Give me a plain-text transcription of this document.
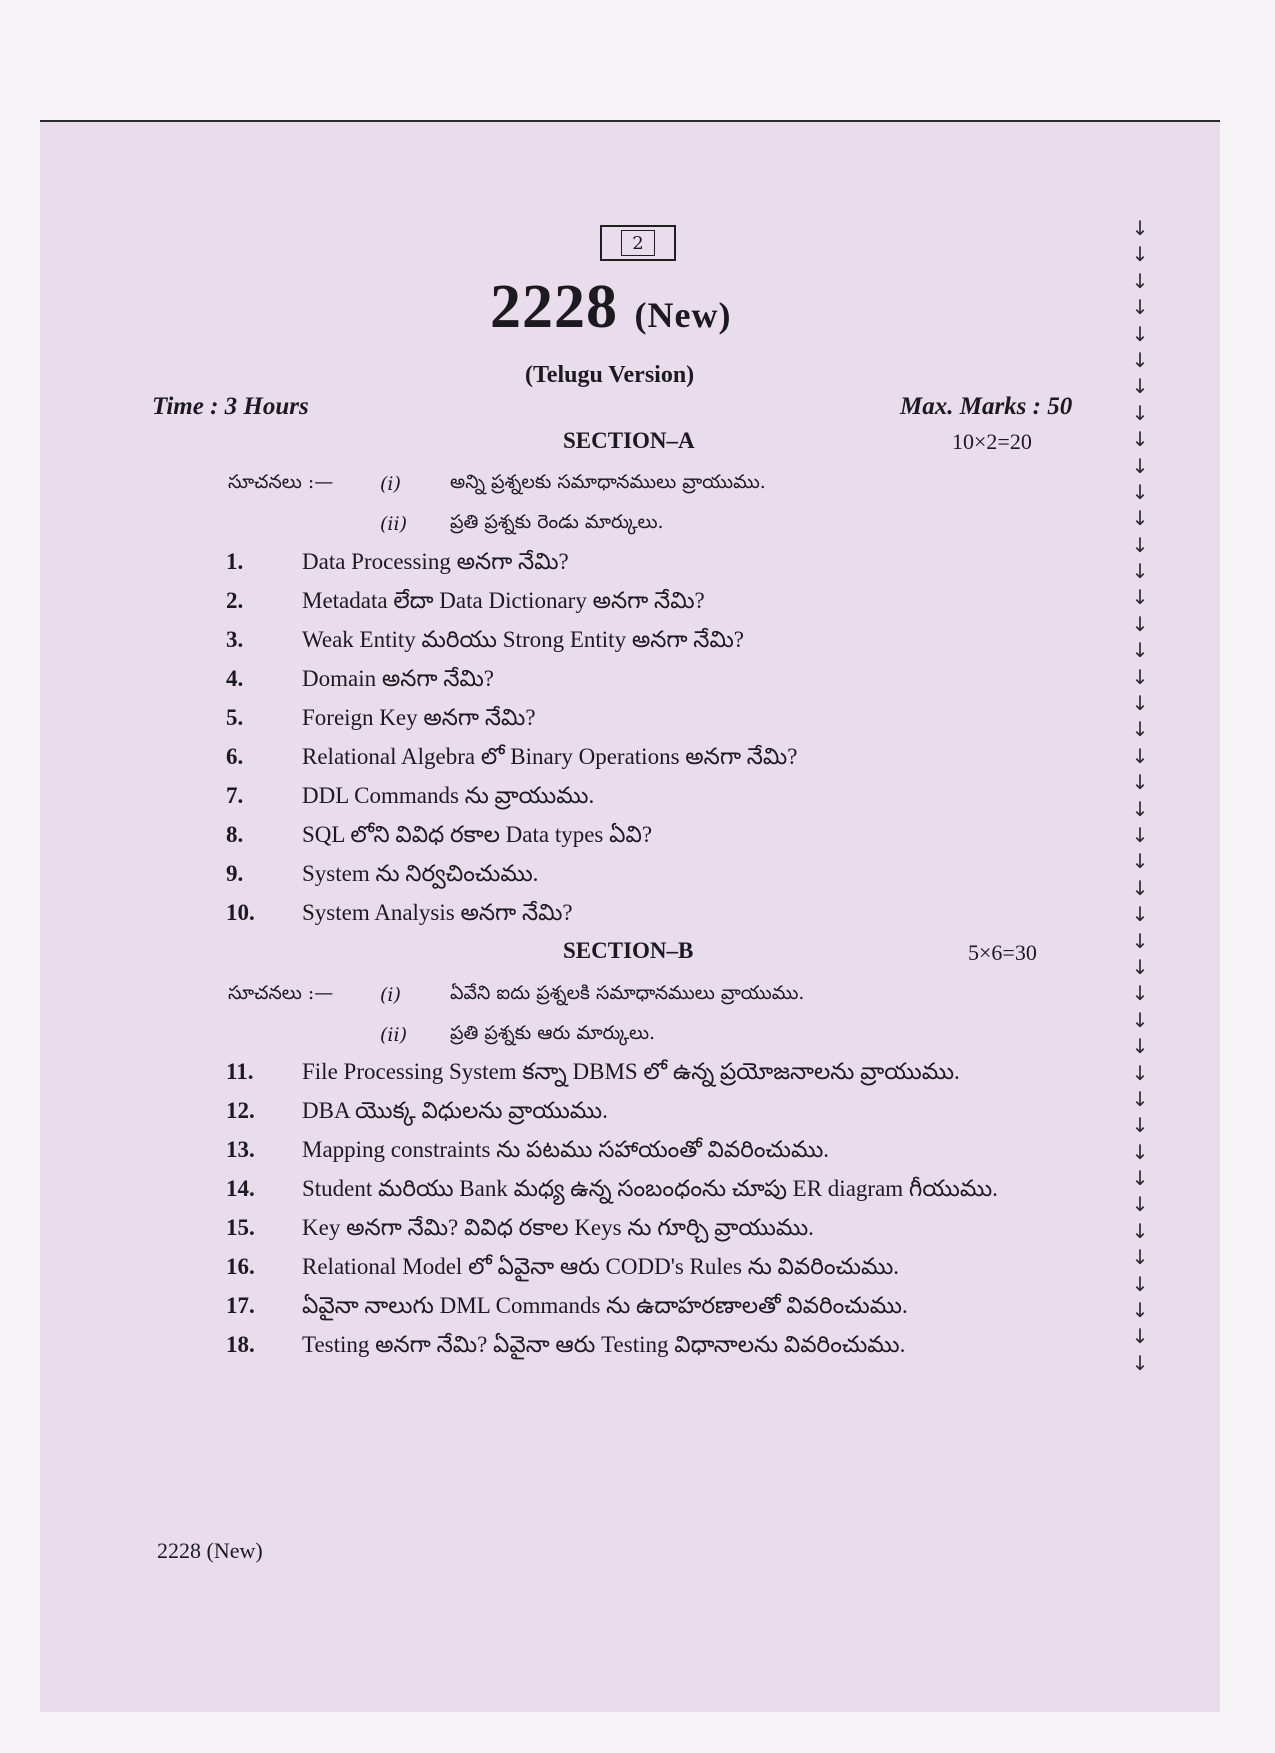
2
2228 (New)
(Telugu Version)
Time : 3 Hours	Max. Marks : 50
SECTION–A	10×2=20
సూచనలు :—	(i)	అన్ని ప్రశ్నలకు సమాధానములు వ్రాయుము.
(ii)	ప్రతి ప్రశ్నకు రెండు మార్కులు.
1.	Data Processing అనగా నేమి?
2.	Metadata లేదా Data Dictionary అనగా నేమి?
3.	Weak Entity మరియు Strong Entity అనగా నేమి?
4.	Domain అనగా నేమి?
5.	Foreign Key అనగా నేమి?
6.	Relational Algebra లో Binary Operations అనగా నేమి?
7.	DDL Commands ను వ్రాయుము.
8.	SQL లోని వివిధ రకాల Data types ఏవి?
9.	System ను నిర్వచించుము.
10.	System Analysis అనగా నేమి?
SECTION–B	5×6=30
సూచనలు :—	(i)	ఏవేని ఐదు ప్రశ్నలకి సమాధానములు వ్రాయుము.
(ii)	ప్రతి ప్రశ్నకు ఆరు మార్కులు.
11.	File Processing System కన్నా DBMS లో ఉన్న ప్రయోజనాలను వ్రాయుము.
12.	DBA యొక్క విధులను వ్రాయుము.
13.	Mapping constraints ను పటము సహాయంతో వివరించుము.
14.	Student మరియు Bank మధ్య ఉన్న సంబంధంను చూపు ER diagram గీయుము.
15.	Key అనగా నేమి? వివిధ రకాల Keys ను గూర్చి వ్రాయుము.
16.	Relational Model లో ఏవైనా ఆరు CODD's Rules ను వివరించుము.
17.	ఏవైనా నాలుగు DML Commands ను ఉదాహరణాలతో వివరించుము.
18.	Testing అనగా నేమి? ఏవైనా ఆరు Testing విధానాలను వివరించుము.
2228 (New)
↓
↓
↓
↓
↓
↓
↓
↓
↓
↓
↓
↓
↓
↓
↓
↓
↓
↓
↓
↓
↓
↓
↓
↓
↓
↓
↓
↓
↓
↓
↓
↓
↓
↓
↓
↓
↓
↓
↓
↓
↓
↓
↓
↓
